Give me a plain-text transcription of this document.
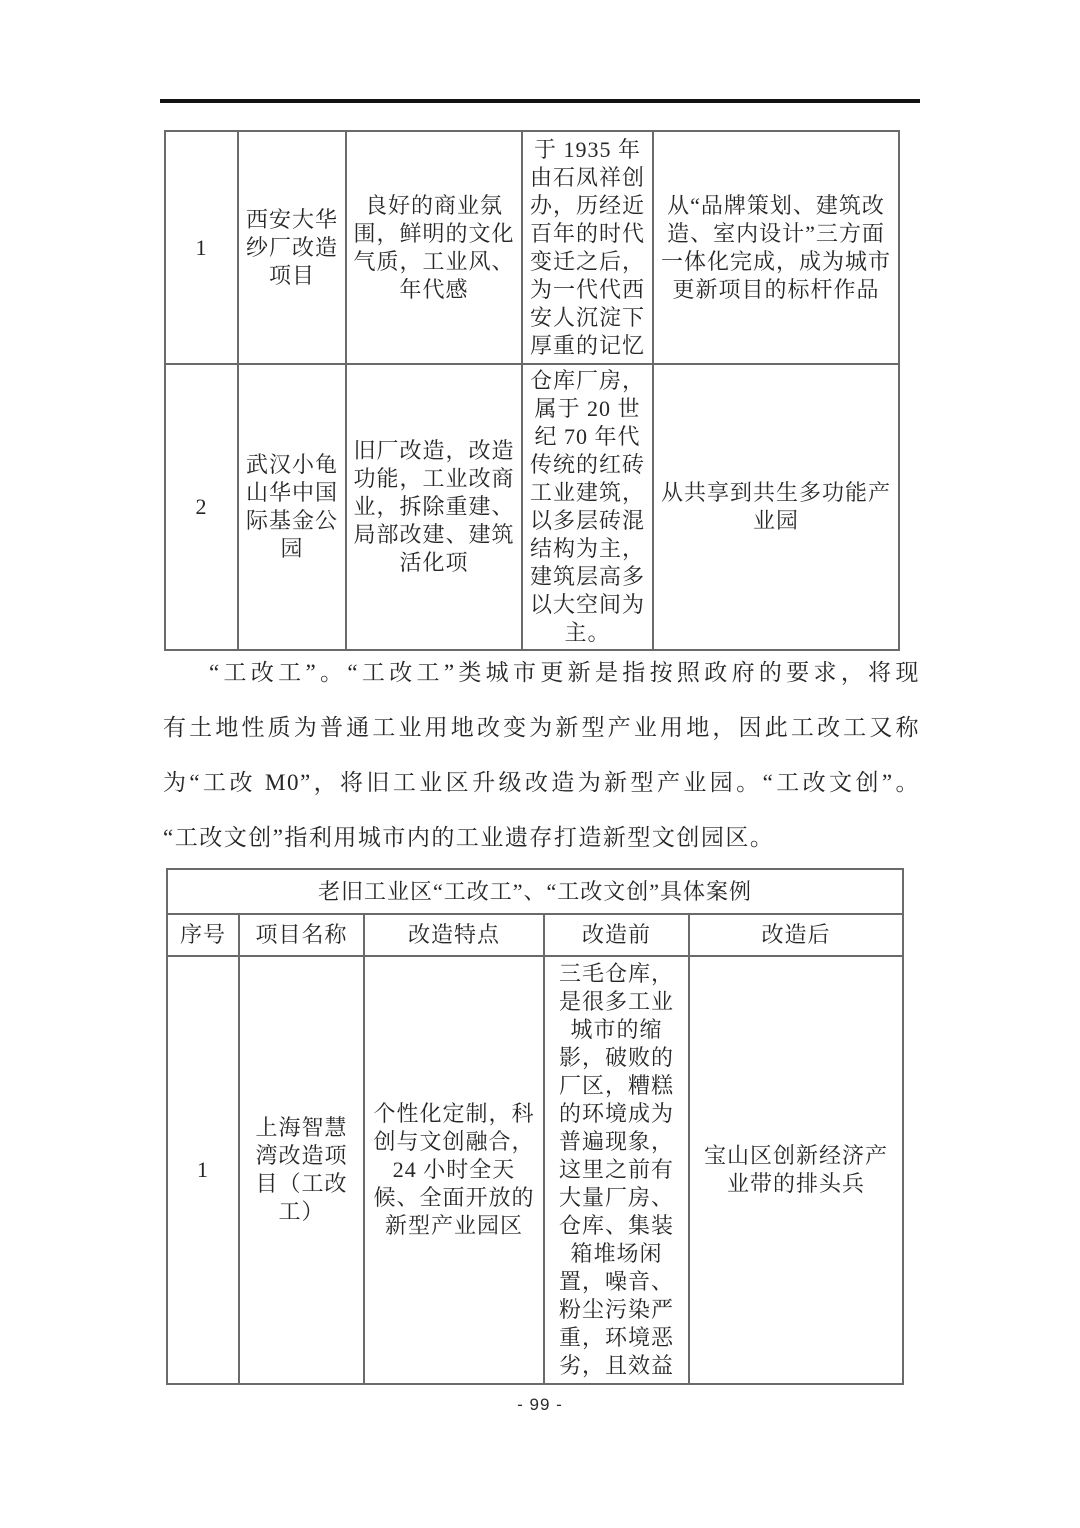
1	西安大华纱厂改造项目	良好的商业氛围，鲜明的文化气质，工业风、年代感	于 1935 年由石凤祥创办，历经近百年的时代变迁之后，为一代代西安人沉淀下厚重的记忆	从“品牌策划、建筑改造、室内设计”三方面一体化完成，成为城市更新项目的标杆作品
2	武汉小龟山华中国际基金公园	旧厂改造，改造功能，工业改商业，拆除重建、局部改建、建筑活化项	仓库厂房，属于 20 世纪 70 年代传统的红砖工业建筑，以多层砖混结构为主，建筑层高多以大空间为主。	从共享到共生多功能产业园
“工改工”。“工改工”类城市更新是指按照政府的要求，将现
有土地性质为普通工业用地改变为新型产业用地，因此工改工又称
为“工改 M0”，将旧工业区升级改造为新型产业园。“工改文创”。
“工改文创”指利用城市内的工业遗存打造新型文创园区。
老旧工业区“工改工”、“工改文创”具体案例				
序号	项目名称	改造特点	改造前	改造后
1	上海智慧湾改造项目（工改工）	个性化定制，科创与文创融合，24 小时全天候、全面开放的新型产业园区	三毛仓库，是很多工业城市的缩影，破败的厂区，糟糕的环境成为普遍现象，这里之前有大量厂房、仓库、集装箱堆场闲置，噪音、粉尘污染严重，环境恶劣，且效益	宝山区创新经济产业带的排头兵
- 99 -
